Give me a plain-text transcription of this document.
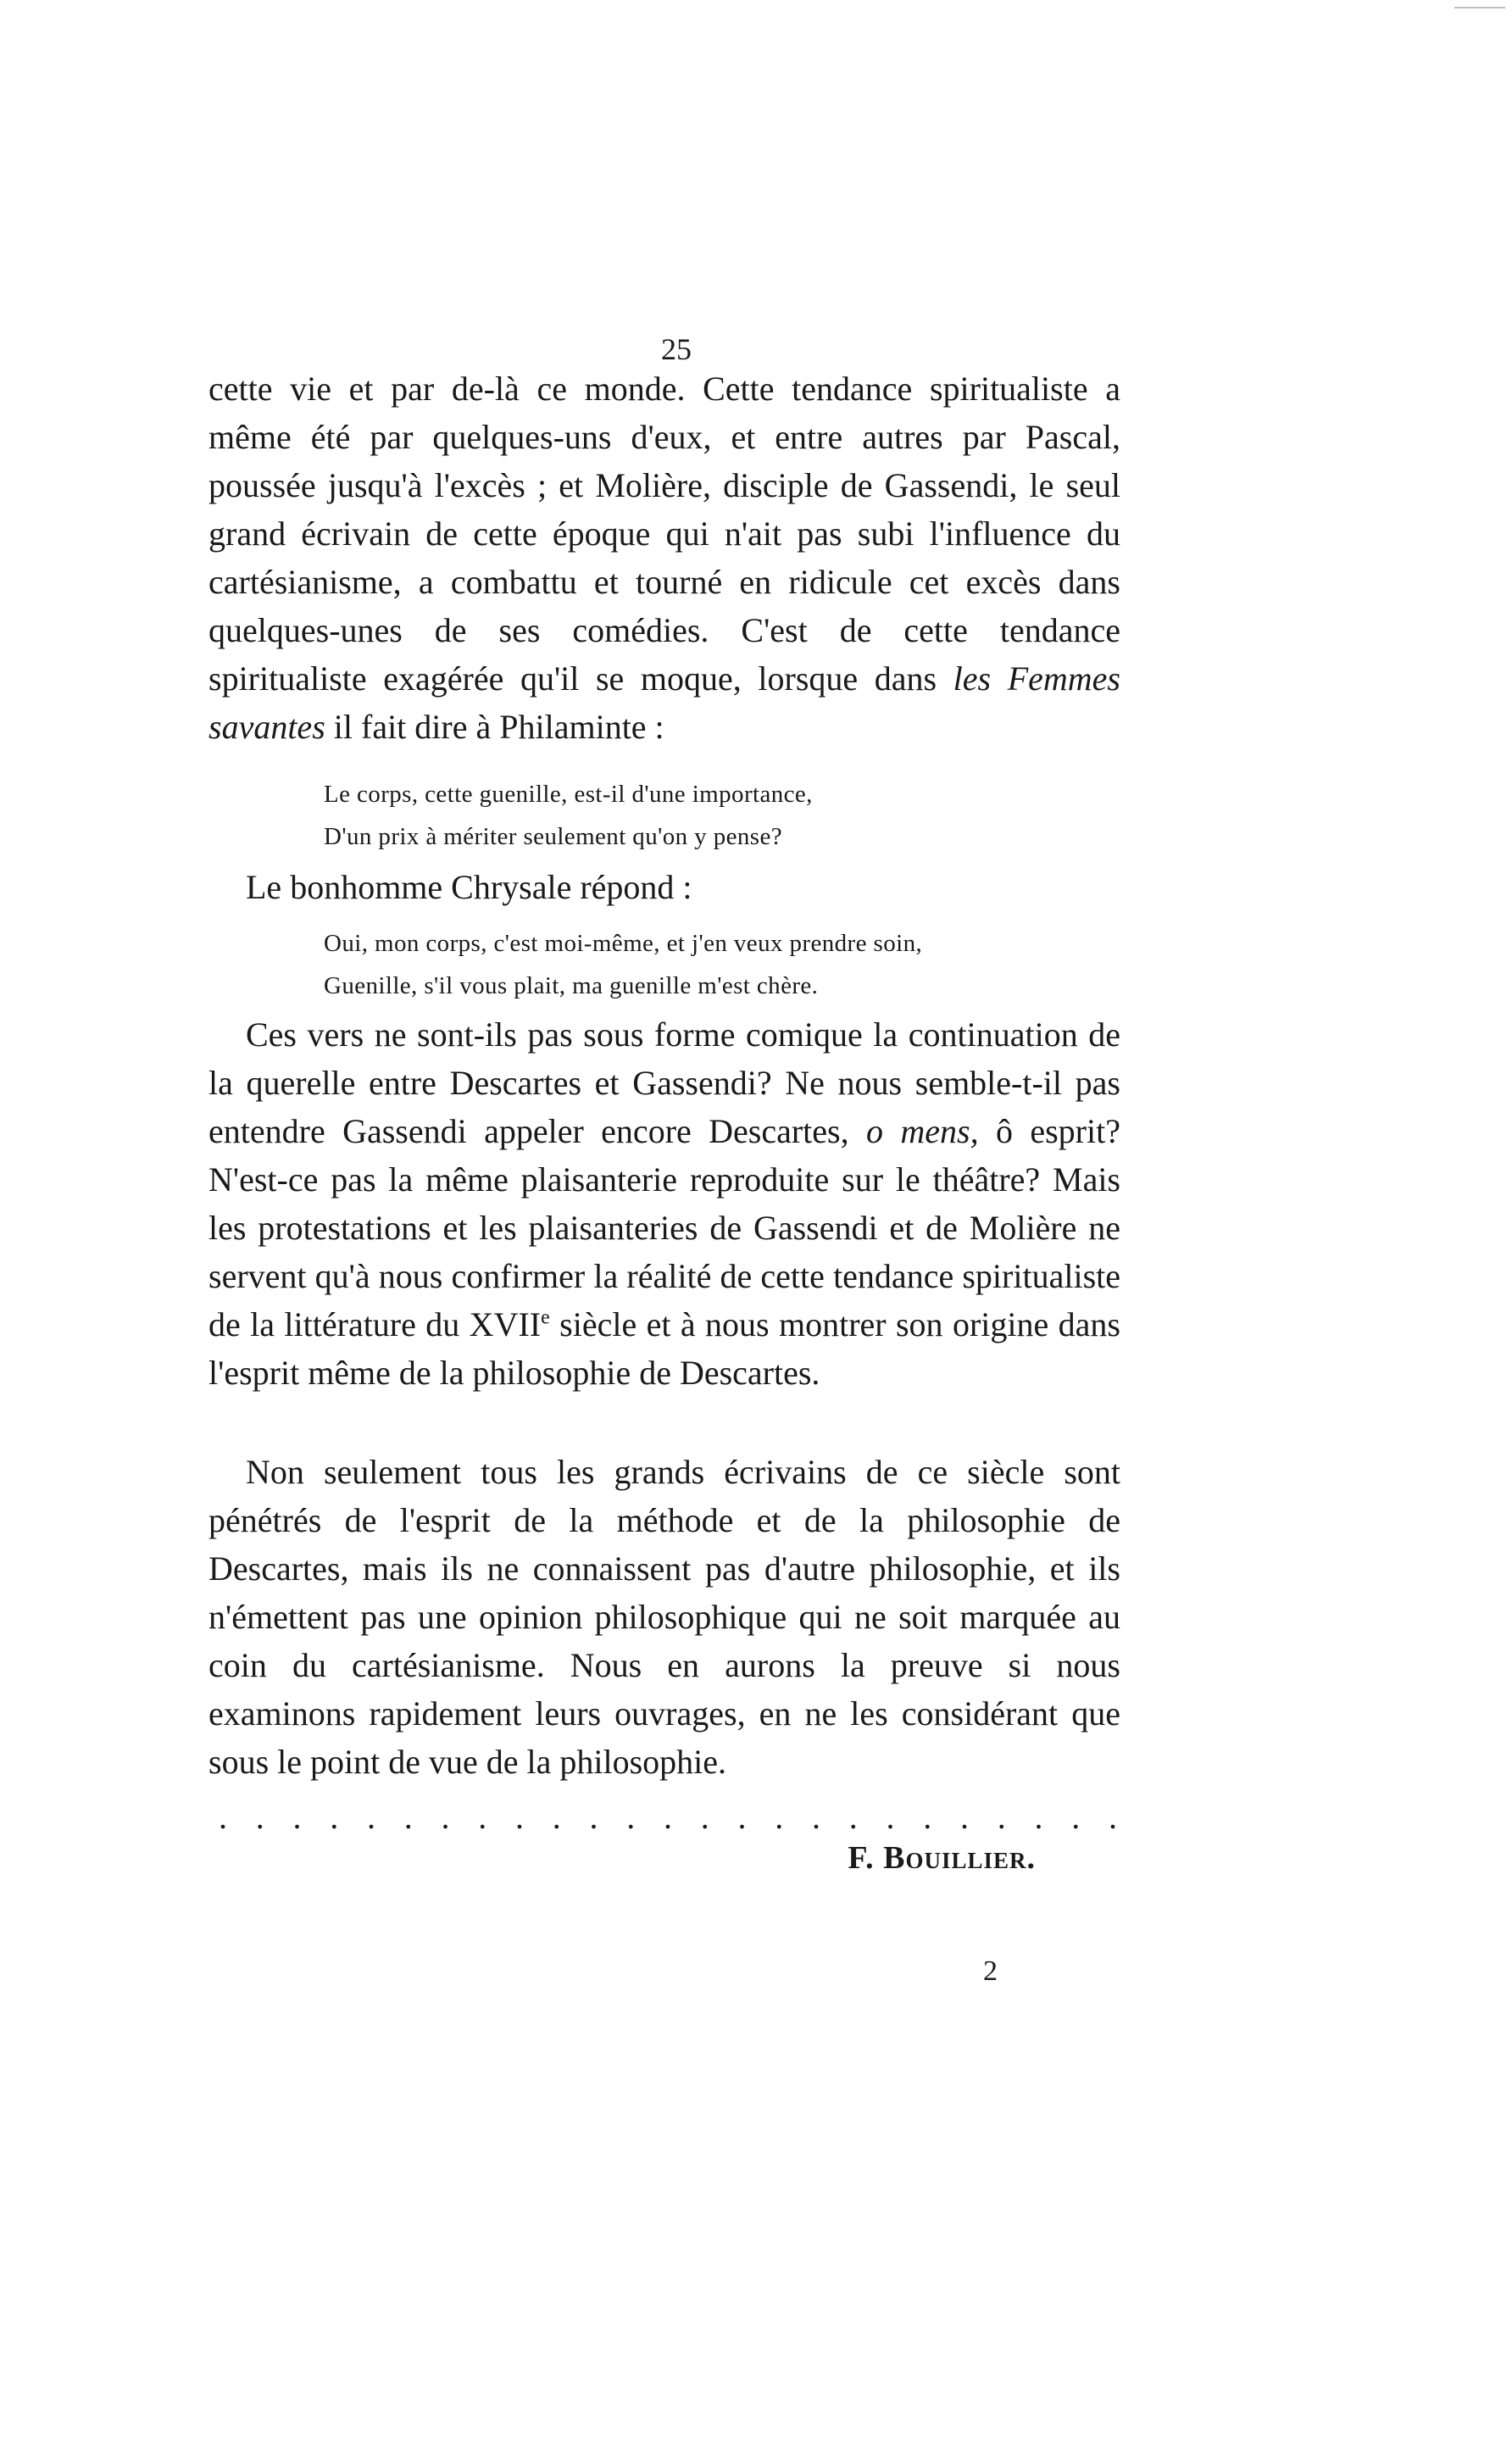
25

cette vie et par de-là ce monde. Cette tendance spiritualiste a même été par quelques-uns d'eux, et entre autres par Pascal, poussée jusqu'à l'excès ; et Molière, disciple de Gassendi, le seul grand écrivain de cette époque qui n'ait pas subi l'influence du cartésianisme, a combattu et tourné en ridicule cet excès dans quelques-unes de ses comédies. C'est de cette tendance spiritualiste exagérée qu'il se moque, lorsque dans les Femmes savantes il fait dire à Philaminte :

Le corps, cette guenille, est-il d'une importance,
D'un prix à mériter seulement qu'on y pense?
Le bonhomme Chrysale répond :
Oui, mon corps, c'est moi-même, et j'en veux prendre soin,
Guenille, s'il vous plait, ma guenille m'est chère.

Ces vers ne sont-ils pas sous forme comique la continuation de la querelle entre Descartes et Gassendi? Ne nous semble-t-il pas entendre Gassendi appeler encore Descartes, o mens, ô esprit? N'est-ce pas la même plaisanterie reproduite sur le théâtre? Mais les protestations et les plaisanteries de Gassendi et de Molière ne servent qu'à nous confirmer la réalité de cette tendance spiritualiste de la littérature du XVIIe siècle et à nous montrer son origine dans l'esprit même de la philosophie de Descartes.

Non seulement tous les grands écrivains de ce siècle sont pénétrés de l'esprit de la méthode et de la philosophie de Descartes, mais ils ne connaissent pas d'autre philosophie, et ils n'émettent pas une opinion philosophique qui ne soit marquée au coin du cartésianisme. Nous en aurons la preuve si nous examinons rapidement leurs ouvrages, en ne les considérant que sous le point de vue de la philosophie.

. . . . . . . . . . . . . . . . . . . . . . . . .
F. Bouillier.
2
